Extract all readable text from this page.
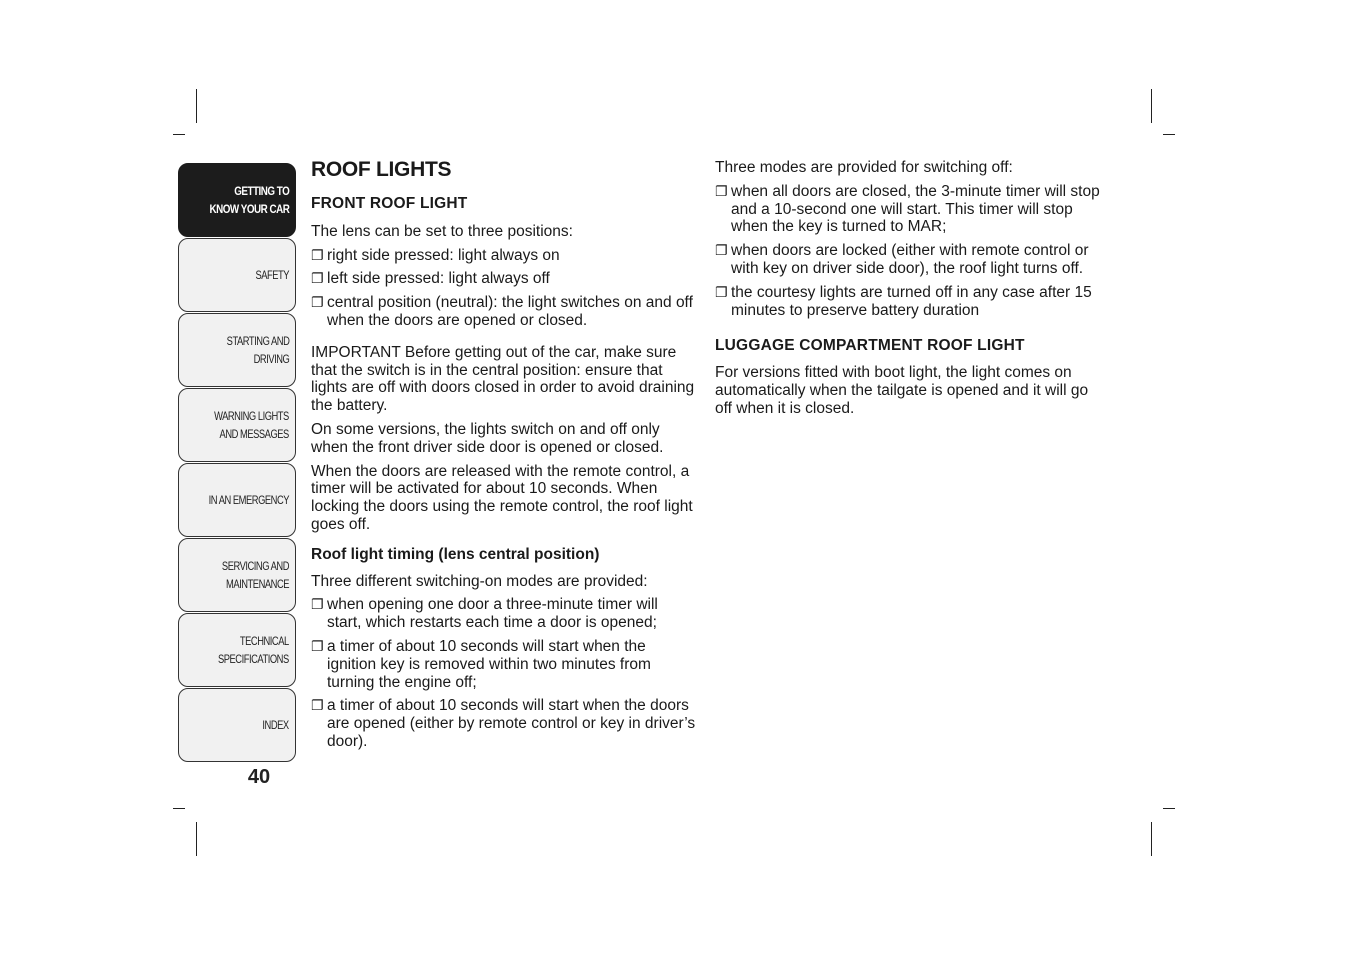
GETTING TO
KNOW YOUR CAR
SAFETY
STARTING AND
DRIVING
WARNING LIGHTS
AND MESSAGES
IN AN EMERGENCY
SERVICING AND
MAINTENANCE
TECHNICAL
SPECIFICATIONS
INDEX
40
ROOF LIGHTS
FRONT ROOF LIGHT

The lens can be set to three positions:

❐ right side pressed: light always on
❐ left side pressed: light always off
❐ central position (neutral): the light switches on and off when the doors are opened or closed.

IMPORTANT Before getting out of the car, make sure that the switch is in the central position: ensure that lights are off with doors closed in order to avoid draining the battery.

On some versions, the lights switch on and off only when the front driver side door is opened or closed.

When the doors are released with the remote control, a timer will be activated for about 10 seconds. When locking the doors using the remote control, the roof light goes off.

Roof light timing (lens central position)

Three different switching-on modes are provided:

❐ when opening one door a three-minute timer will start, which restarts each time a door is opened;
❐ a timer of about 10 seconds will start when the ignition key is removed within two minutes from turning the engine off;
❐ a timer of about 10 seconds will start when the doors are opened (either by remote control or key in driver’s door).

Three modes are provided for switching off:

❐ when all doors are closed, the 3-minute timer will stop and a 10-second one will start. This timer will stop when the key is turned to MAR;
❐ when doors are locked (either with remote control or with key on driver side door), the roof light turns off.
❐ the courtesy lights are turned off in any case after 15 minutes to preserve battery duration
LUGGAGE COMPARTMENT ROOF LIGHT

For versions fitted with boot light, the light comes on automatically when the tailgate is opened and it will go off when it is closed.
